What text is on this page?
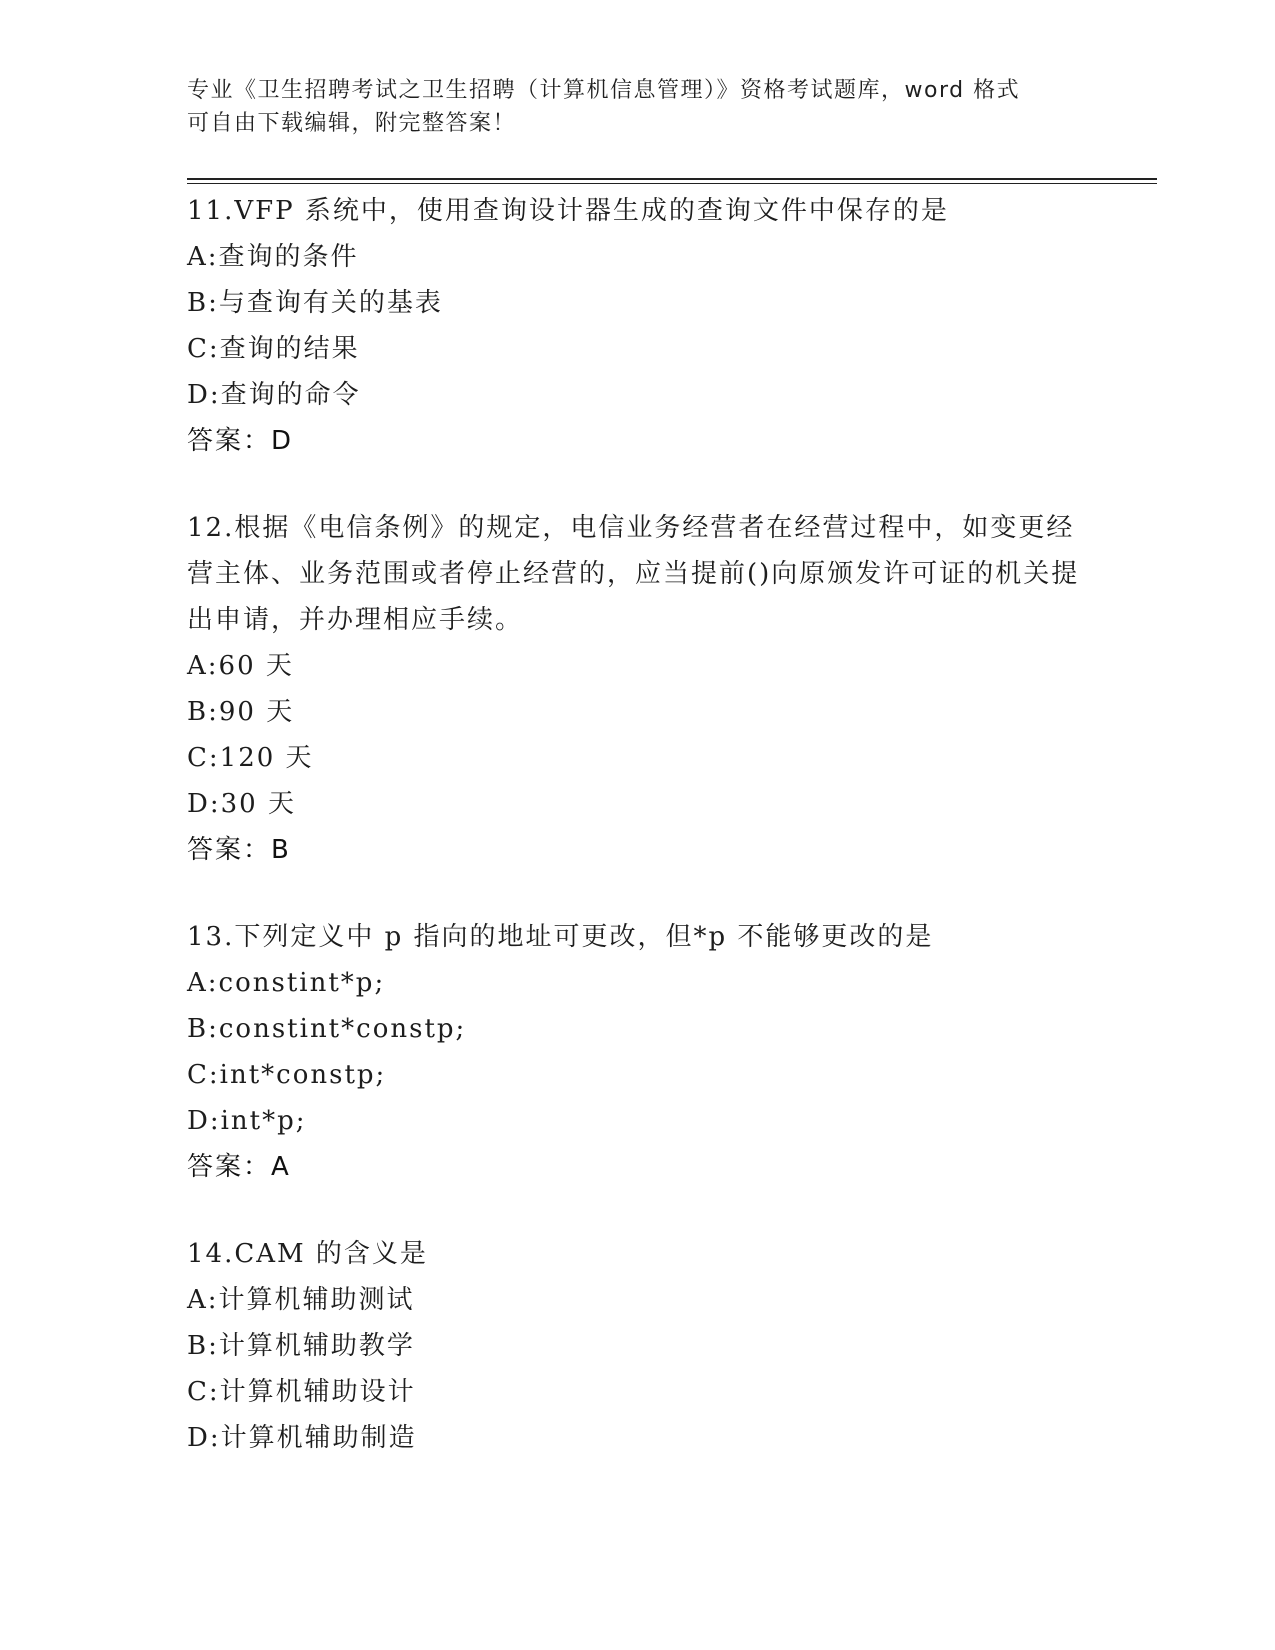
专业《卫生招聘考试之卫生招聘（计算机信息管理）》资格考试题库，word 格式
可自由下载编辑，附完整答案！
11.VFP 系统中，使用查询设计器生成的查询文件中保存的是
A: 查询的条件
B: 与查询有关的基表
C: 查询的结果
D: 查询的命令
答案：D
12.根据《电信条例》的规定，电信业务经营者在经营过程中，如变更经营主体、业务范围或者停止经营的，应当提前()向原颁发许可证的机关提出申请，并办理相应手续。
A: 60 天
B: 90 天
C: 120 天
D: 30 天
答案：B
13.下列定义中 p 指向的地址可更改，但*p 不能够更改的是
A: constint*p;
B: constint*constp;
C: int*constp;
D: int*p;
答案：A
14.CAM 的含义是
A: 计算机辅助测试
B: 计算机辅助教学
C: 计算机辅助设计
D: 计算机辅助制造
